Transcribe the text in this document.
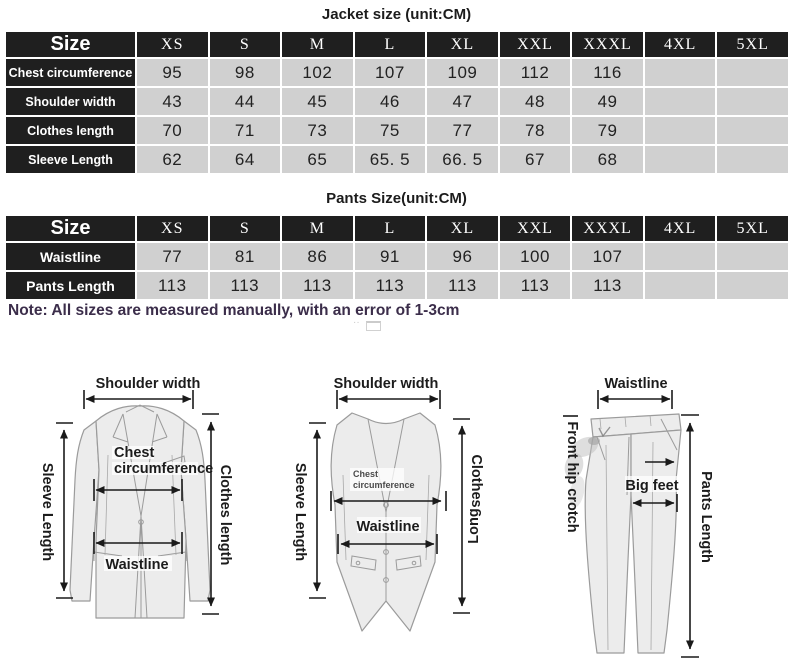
Jacket size (unit:CM)
Size	XS	S	M	L	XL	XXL	XXXL	4XL	5XL
Chest circumference	95	98	102	107	109	112	116		
Shoulder width	43	44	45	46	47	48	49		
Clothes length	70	71	73	75	77	78	79		
Sleeve Length	62	64	65	65. 5	66. 5	67	68		
Pants Size(unit:CM)
Size	XS	S	M	L	XL	XXL	XXXL	4XL	5XL
Waistline	77	81	86	91	96	100	107		
Pants Length	113	113	113	113	113	113	113		
Note: All sizes are measured manually, with an error of 1-3cm
··
Shoulder width
Sleeve Length	Clothes length
Chest
circumference
Waistline
Shoulder width
Sleeve Length	Chest
circumference
Waistline
Clothes
Long
Waistline
Front hip crotch	Big feet Pants Length
